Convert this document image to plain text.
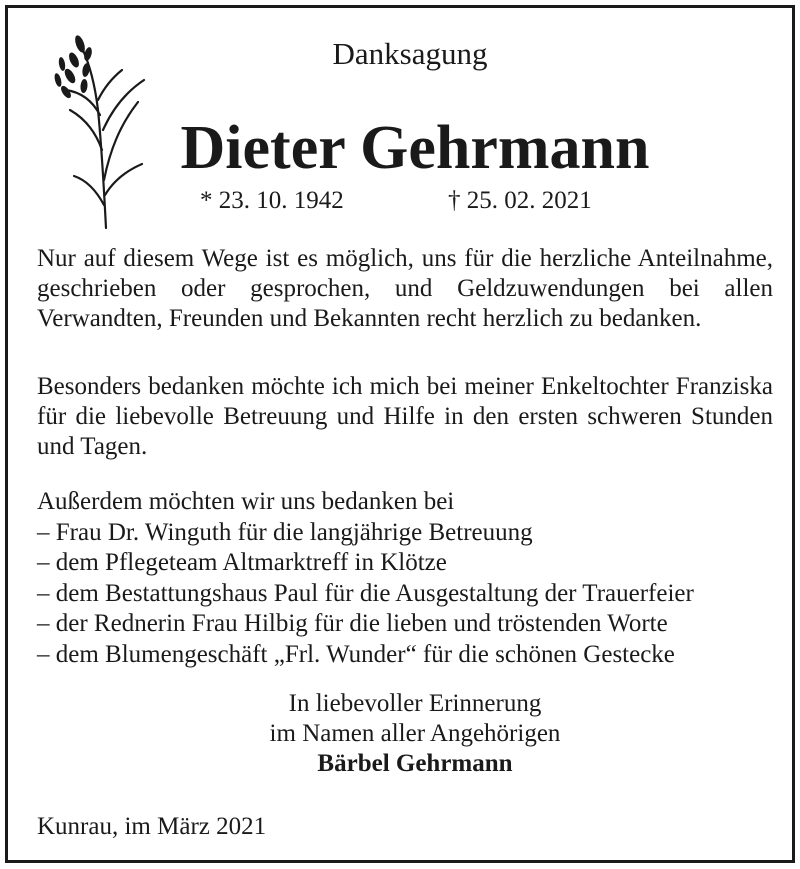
Danksagung
Dieter Gehrmann
* 23. 10. 1942	† 25. 02. 2021
Nur auf diesem Wege ist es möglich, uns für die herzliche Anteilnahme, geschrieben oder gesprochen, und Geldzuwendungen bei allen Verwandten, Freunden und Bekannten recht herzlich zu bedanken.
Besonders bedanken möchte ich mich bei meiner Enkeltochter Franziska für die liebevolle Betreuung und Hilfe in den ersten schweren Stunden und Tagen.
Außerdem möchten wir uns bedanken bei
– Frau Dr. Winguth für die langjährige Betreuung
– dem Pflegeteam Altmarktreff in Klötze
– dem Bestattungshaus Paul für die Ausgestaltung der Trauerfeier
– der Rednerin Frau Hilbig für die lieben und tröstenden Worte
– dem Blumengeschäft „Frl. Wunder“ für die schönen Gestecke
In liebevoller Erinnerung
im Namen aller Angehörigen
Bärbel Gehrmann
Kunrau, im März 2021
